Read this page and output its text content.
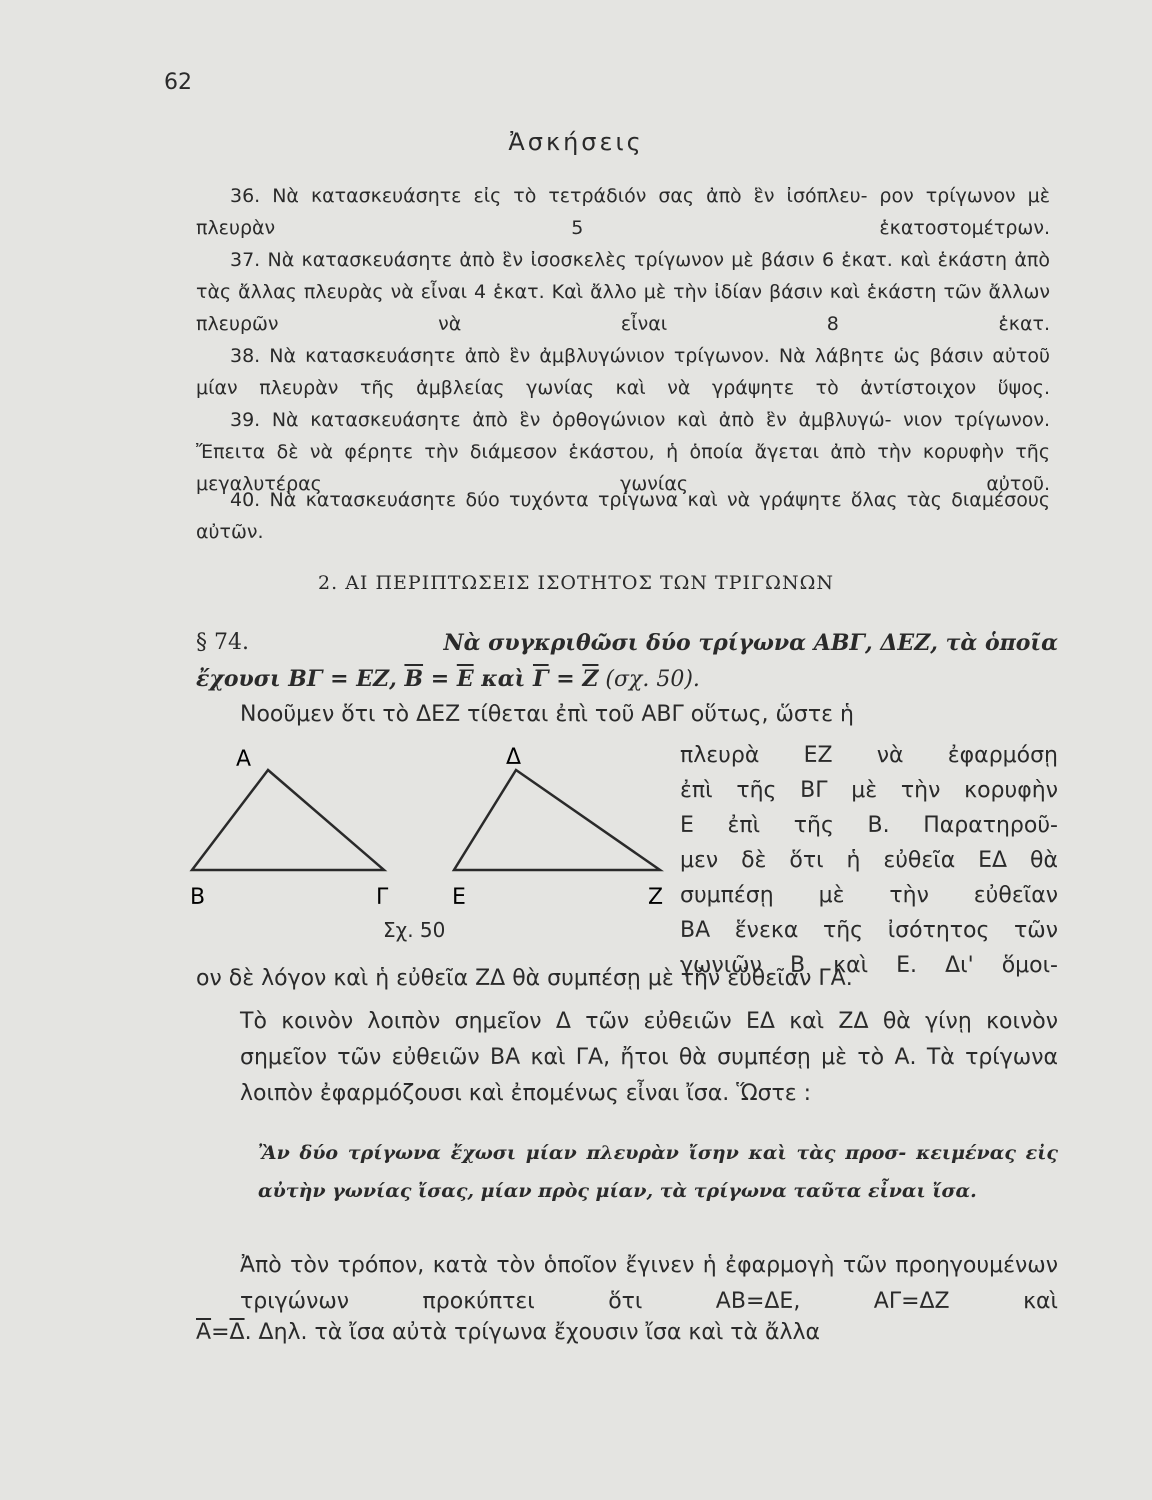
62
Ἀσκήσεις
36. Νὰ κατασκευάσητε εἰς τὸ τετράδιόν σας ἀπὸ ἓν ἰσόπλευ- ρον τρίγωνον μὲ πλευρὰν 5 ἑκατοστομέτρων.
37. Νὰ κατασκευάσητε ἀπὸ ἓν ἰσοσκελὲς τρίγωνον μὲ βάσιν 6 ἑκατ. καὶ ἑκάστη ἀπὸ τὰς ἄλλας πλευρὰς νὰ εἶναι 4 ἑκατ. Καὶ ἄλλο μὲ τὴν ἰδίαν βάσιν καὶ ἑκάστη τῶν ἄλλων πλευρῶν νὰ εἶναι 8 ἑκατ.
38. Νὰ κατασκευάσητε ἀπὸ ἓν ἀμβλυγώνιον τρίγωνον. Νὰ λάβητε ὡς βάσιν αὐτοῦ μίαν πλευρὰν τῆς ἀμβλείας γωνίας καὶ νὰ γράψητε τὸ ἀντίστοιχον ὕψος.
39. Νὰ κατασκευάσητε ἀπὸ ἓν ὀρθογώνιον καὶ ἀπὸ ἓν ἀμβλυγώ- νιον τρίγωνον. Ἔπειτα δὲ νὰ φέρητε τὴν διάμεσον ἑκάστου, ἡ ὁποία ἄγεται ἀπὸ τὴν κορυφὴν τῆς μεγαλυτέρας γωνίας αὐτοῦ.
40. Νὰ κατασκευάσητε δύο τυχόντα τρίγωνα καὶ νὰ γράψητε ὅλας τὰς διαμέσους αὐτῶν.
2. ΑΙ ΠΕΡΙΠΤΩΣΕΙΣ ΙΣΟΤΗΤΟΣ ΤΩΝ ΤΡΙΓΩΝΩΝ
§ 74.	Νὰ συγκριθῶσι δύο τρίγωνα ΑΒΓ, ΔΕΖ, τὰ ὁποῖα
ἔχουσι ΒΓ = ΕΖ, $\overline{B} = \overline{E}$ καὶ $\overline{\Gamma} = \overline{Z}$ (σχ. 50).
Νοοῦμεν ὅτι τὸ ΔΕΖ τίθεται ἐπὶ τοῦ ΑΒΓ οὕτως, ὥστε ἡ
πλευρὰ ΕΖ νὰ ἐφαρμόσῃ
ἐπὶ τῆς ΒΓ μὲ τὴν κορυφὴν
Ε ἐπὶ τῆς Β. Παρατηροῦ-
μεν δὲ ὅτι ἡ εὐθεῖα ΕΔ θὰ
συμπέσῃ μὲ τὴν εὐθεῖαν
ΒΑ ἕνεκα τῆς ἰσότητος τῶν
γωνιῶν Β καὶ Ε. Δι' ὅμοι-
Α
Β	Γ
Δ
Ε	Ζ
Σχ. 50
ον δὲ λόγον καὶ ἡ εὐθεῖα ΖΔ θὰ συμπέσῃ μὲ τὴν εὐθεῖαν ΓΑ.
Τὸ κοινὸν λοιπὸν σημεῖον Δ τῶν εὐθειῶν ΕΔ καὶ ΖΔ θὰ γίνῃ κοινὸν σημεῖον τῶν εὐθειῶν ΒΑ καὶ ΓΑ, ἤτοι θὰ συμπέσῃ μὲ τὸ Α. Τὰ τρίγωνα λοιπὸν ἐφαρμόζουσι καὶ ἐπομένως εἶναι ἴσα. Ὥστε :
Ἂν δύο τρίγωνα ἔχωσι μίαν πλευρὰν ἴσην καὶ τὰς προσ- κειμένας εἰς αὐτὴν γωνίας ἴσας, μίαν πρὸς μίαν, τὰ τρίγωνα ταῦτα εἶναι ἴσα.
Ἀπὸ τὸν τρόπον, κατὰ τὸν ὁποῖον ἔγινεν ἡ ἐφαρμογὴ τῶν προηγουμένων τριγώνων προκύπτει ὅτι ΑΒ=ΔΕ, ΑΓ=ΔΖ καὶ
$\overline{A}=\overline{\Delta}$. Δηλ. τὰ ἴσα αὐτὰ τρίγωνα ἔχουσιν ἴσα καὶ τὰ ἄλλα
